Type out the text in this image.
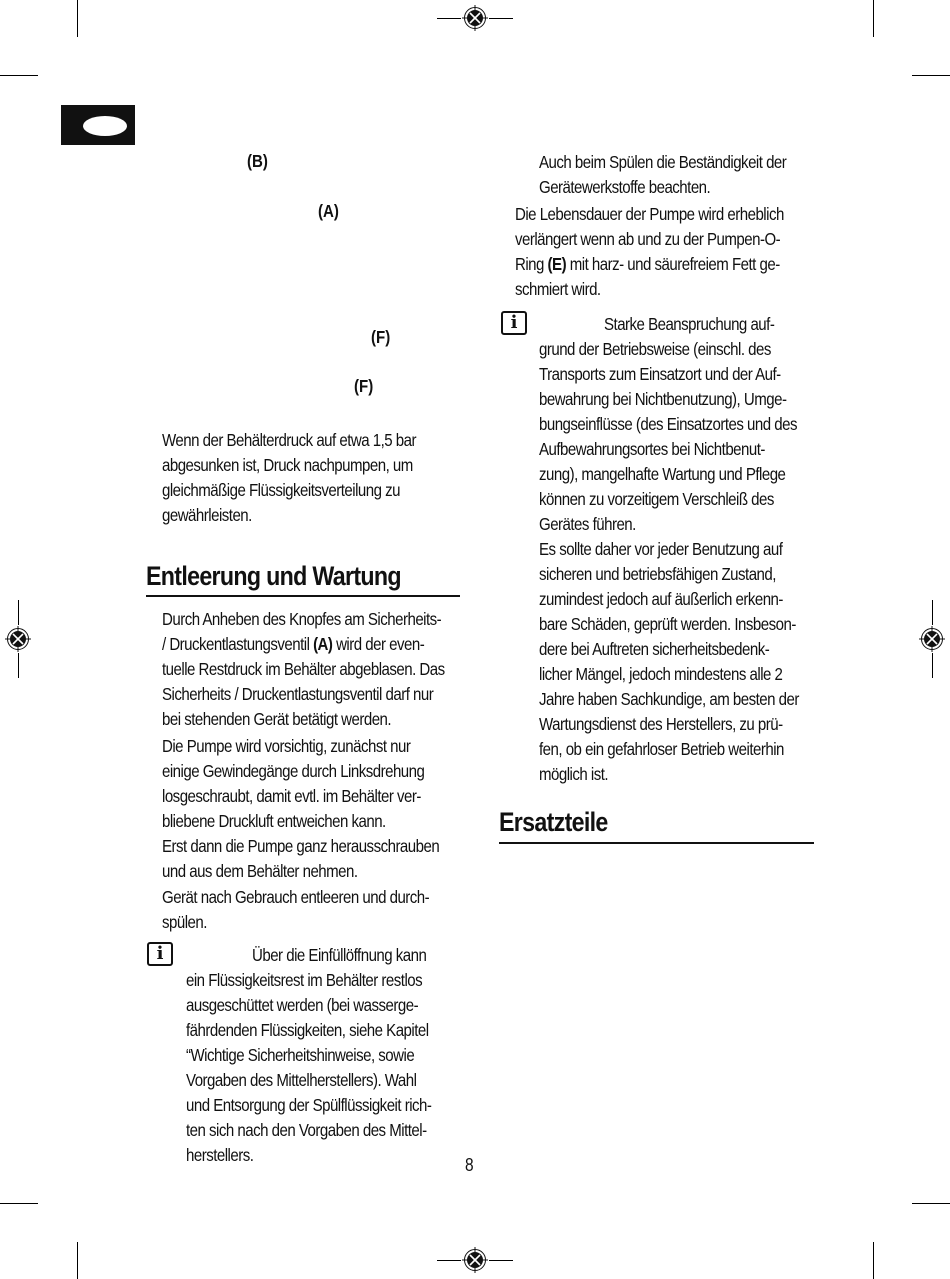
(B)
(A)
(F)
(F)
Wenn der Behälterdruck auf etwa 1,5 bar
abgesunken ist, Druck nachpumpen, um
gleichmäßige Flüssigkeitsverteilung zu
gewährleisten.
Entleerung und Wartung
Durch Anheben des Knopfes am Sicherheits-
/ Druckentlastungsventil (A) wird der even-
tuelle Restdruck im Behälter abgeblasen. Das
Sicherheits / Druckentlastungsventil darf nur
bei stehenden Gerät betätigt werden.
Die Pumpe wird vorsichtig, zunächst nur
einige Gewindegänge durch Linksdrehung
losgeschraubt, damit evtl. im Behälter ver-
bliebene Druckluft entweichen kann.
Erst dann die Pumpe ganz herausschrauben
und aus dem Behälter nehmen.
Gerät nach Gebrauch entleeren und durch-
spülen.
i	Über die Einfüllöffnung kann
ein Flüssigkeitsrest im Behälter restlos
ausgeschüttet werden (bei wasserge-
fährdenden Flüssigkeiten, siehe Kapitel
“Wichtige Sicherheitshinweise, sowie
Vorgaben des Mittelherstellers). Wahl
und Entsorgung der Spülflüssigkeit rich-
ten sich nach den Vorgaben des Mittel-
herstellers.
Auch beim Spülen die Beständigkeit der
Gerätewerkstoffe beachten.
Die Lebensdauer der Pumpe wird erheblich
verlängert wenn ab und zu der Pumpen-O-
Ring (E) mit harz- und säurefreiem Fett ge-
schmiert wird.
i	Starke Beanspruchung auf-
grund der Betriebsweise (einschl. des
Transports zum Einsatzort und der Auf-
bewahrung bei Nichtbenutzung), Umge-
bungseinflüsse (des Einsatzortes und des
Aufbewahrungsortes bei Nichtbenut-
zung), mangelhafte Wartung und Pflege
können zu vorzeitigem Verschleiß des
Gerätes führen.
Es sollte daher vor jeder Benutzung auf
sicheren und betriebsfähigen Zustand,
zumindest jedoch auf äußerlich erkenn-
bare Schäden, geprüft werden. Insbeson-
dere bei Auftreten sicherheitsbedenk-
licher Mängel, jedoch mindestens alle 2
Jahre haben Sachkundige, am besten der
Wartungsdienst des Herstellers, zu prü-
fen, ob ein gefahrloser Betrieb weiterhin
möglich ist.
Ersatzteile
8
